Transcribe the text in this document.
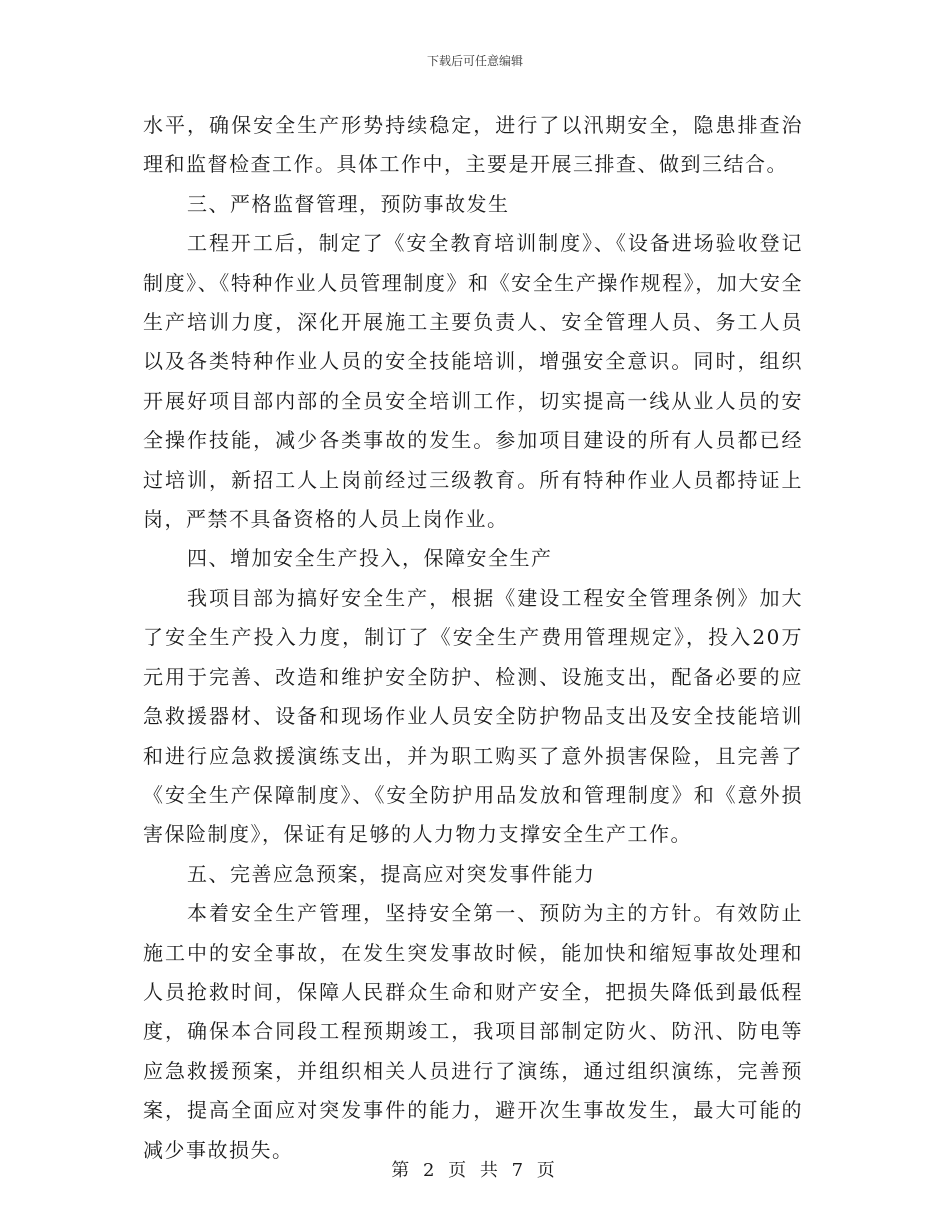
下载后可任意编辑

水平，确保安全生产形势持续稳定，进行了以汛期安全，隐患排查治理和监督检查工作。具体工作中，主要是开展三排查、做到三结合。

三、严格监督管理，预防事故发生

工程开工后，制定了《安全教育培训制度》、《设备进场验收登记制度》、《特种作业人员管理制度》和《安全生产操作规程》，加大安全生产培训力度，深化开展施工主要负责人、安全管理人员、务工人员以及各类特种作业人员的安全技能培训，增强安全意识。同时，组织开展好项目部内部的全员安全培训工作，切实提高一线从业人员的安全操作技能，减少各类事故的发生。参加项目建设的所有人员都已经过培训，新招工人上岗前经过三级教育。所有特种作业人员都持证上岗，严禁不具备资格的人员上岗作业。

四、增加安全生产投入，保障安全生产

我项目部为搞好安全生产，根据《建设工程安全管理条例》加大了安全生产投入力度，制订了《安全生产费用管理规定》，投入20万元用于完善、改造和维护安全防护、检测、设施支出，配备必要的应急救援器材、设备和现场作业人员安全防护物品支出及安全技能培训和进行应急救援演练支出，并为职工购买了意外损害保险，且完善了《安全生产保障制度》、《安全防护用品发放和管理制度》和《意外损害保险制度》，保证有足够的人力物力支撑安全生产工作。

五、完善应急预案，提高应对突发事件能力

本着安全生产管理，坚持安全第一、预防为主的方针。有效防止施工中的安全事故，在发生突发事故时候，能加快和缩短事故处理和人员抢救时间，保障人民群众生命和财产安全，把损失降低到最低程度，确保本合同段工程预期竣工，我项目部制定防火、防汛、防电等应急救援预案，并组织相关人员进行了演练，通过组织演练，完善预案，提高全面应对突发事件的能力，避开次生事故发生，最大可能的减少事故损失。

第 2 页 共 7 页
